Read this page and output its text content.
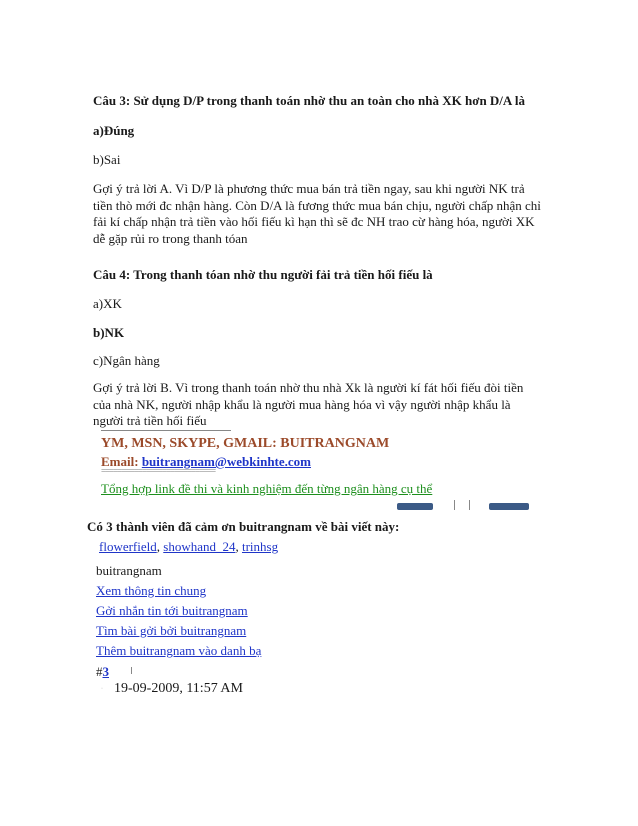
Câu 3: Sử dụng D/P trong thanh toán nhờ thu an toàn cho nhà XK hơn D/A là
a)Đúng
b)Sai
Gợi ý trả lời A. Vì D/P là phương thức mua bán trả tiền ngay, sau khi người NK trả
tiền thò mới đc nhận hàng. Còn D/A là fương thức mua bán chịu, người chấp nhận chỉ
fải kí chấp nhận trả tiền vào hối fiếu kì hạn thì sẽ đc NH trao cừ hàng hóa, người XK
dễ gặp rủi ro trong thanh tóan
Câu 4: Trong thanh tóan nhờ thu người fải trả tiền hối fiếu là
a)XK
b)NK
c)Ngân hàng
Gợi ý trả lời B. Vì trong thanh toán nhờ thu nhà Xk là người kí fát hối fiếu đòi tiền
của nhà NK, người nhập khẩu là người mua hàng hóa vì vậy người nhập khẩu là
người trả tiền hối fiếu
YM, MSN, SKYPE, GMAIL: BUITRANGNAM
Email: buitrangnam@webkinhte.com
============================
Tổng hợp link đề thi và kinh nghiệm đến từng ngân hàng cụ thể
Có 3 thành viên đã cảm ơn buitrangnam về bài viết này:
flowerfield, showhand_24, trinhsg
buitrangnam
Xem thông tin chung
Gởi nhắn tin tới buitrangnam
Tìm bài gởi bởi buitrangnam
Thêm buitrangnam vào danh bạ
#3
· 19-09-2009, 11:57 AM
